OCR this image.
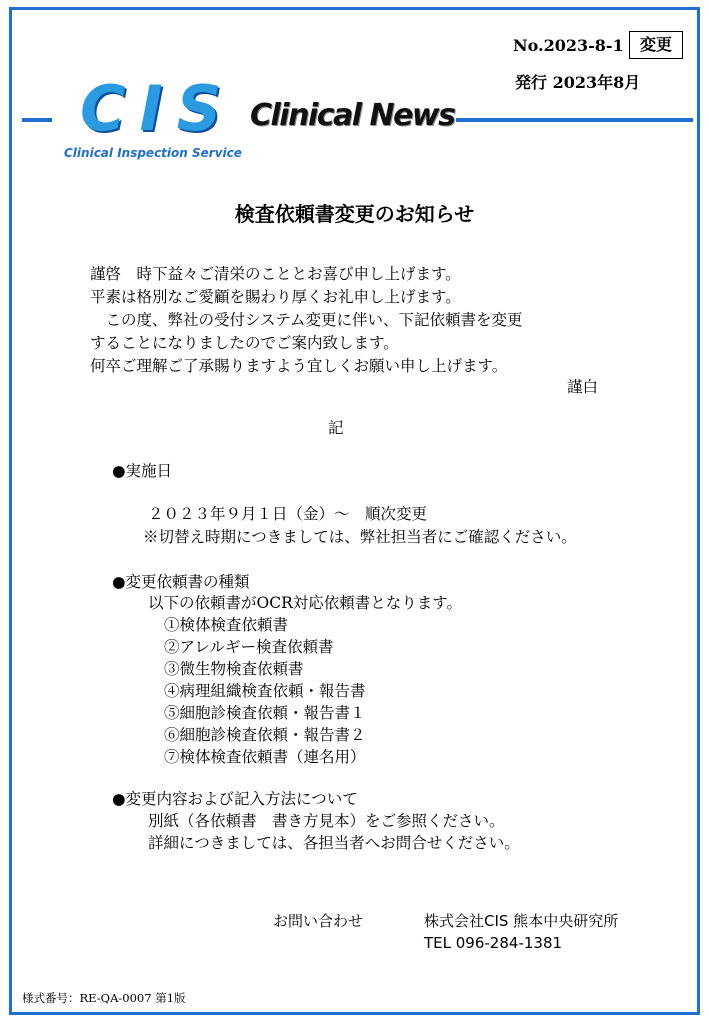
No.2023-8-1	変更
発行 2023年8月
CIS
Clinical Inspection Service
Clinical News
検査依頼書変更のお知らせ
謹啓　時下益々ご清栄のこととお喜び申し上げます。
平素は格別なご愛顧を賜わり厚くお礼申し上げます。
　この度、弊社の受付システム変更に伴い、下記依頼書を変更
することになりましたのでご案内致します。
何卒ご理解ご了承賜りますよう宜しくお願い申し上げます。
謹白
記
●実施日
２０２３年９月１日（金）～　順次変更
※切替え時期につきましては、弊社担当者にご確認ください。
●変更依頼書の種類
以下の依頼書がOCR対応依頼書となります。
①検体検査依頼書
②アレルギー検査依頼書
③微生物検査依頼書
④病理組織検査依頼・報告書
⑤細胞診検査依頼・報告書１
⑥細胞診検査依頼・報告書２
⑦検体検査依頼書（連名用）
●変更内容および記入方法について
別紙（各依頼書　書き方見本）をご参照ください。
詳細につきましては、各担当者へお問合せください。
お問い合わせ	株式会社CIS 熊本中央研究所
TEL 096-284-1381
様式番号：RE-QA-0007 第1版
